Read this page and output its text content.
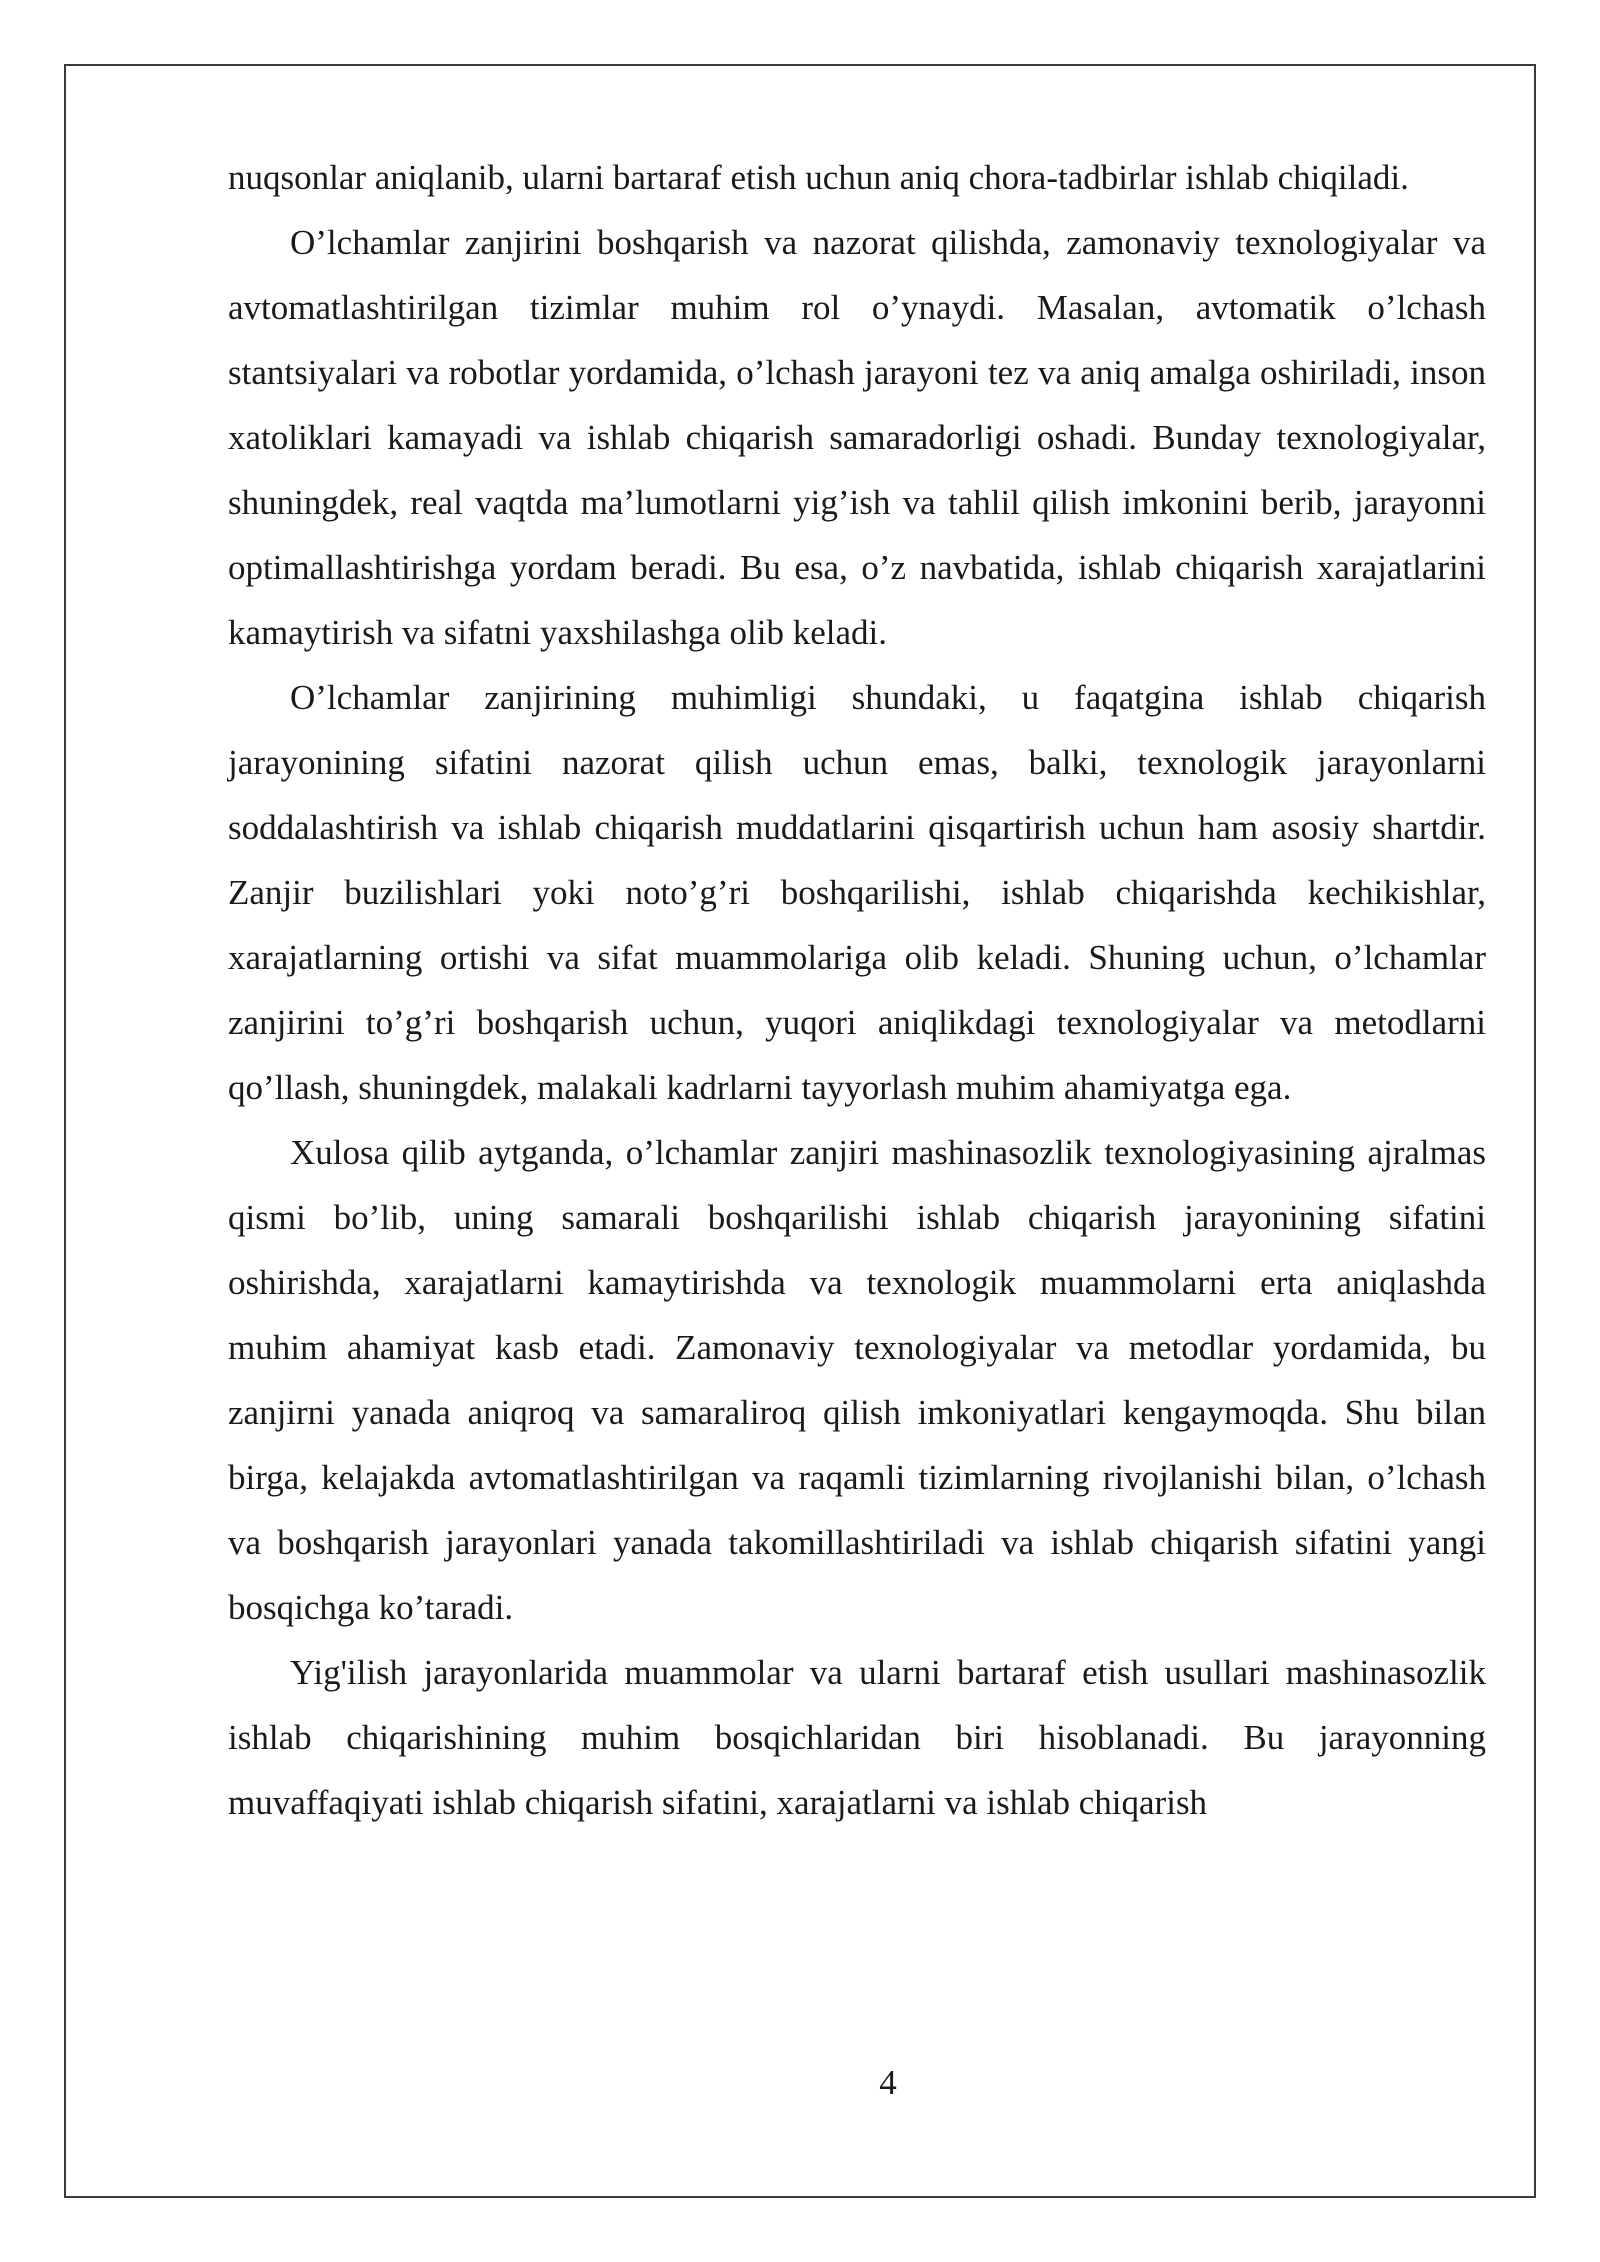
nuqsonlar aniqlanib, ularni bartaraf etish uchun aniq chora-tadbirlar ishlab chiqiladi.

O’lchamlar zanjirini boshqarish va nazorat qilishda, zamonaviy texnologiyalar va avtomatlashtirilgan tizimlar muhim rol o’ynaydi. Masalan, avtomatik o’lchash stantsiyalari va robotlar yordamida, o’lchash jarayoni tez va aniq amalga oshiriladi, inson xatoliklari kamayadi va ishlab chiqarish samaradorligi oshadi. Bunday texnologiyalar, shuningdek, real vaqtda ma’lumotlarni yig’ish va tahlil qilish imkonini berib, jarayonni optimallashtirishga yordam beradi. Bu esa, o’z navbatida, ishlab chiqarish xarajatlarini kamaytirish va sifatni yaxshilashga olib keladi.

O’lchamlar zanjirining muhimligi shundaki, u faqatgina ishlab chiqarish jarayonining sifatini nazorat qilish uchun emas, balki, texnologik jarayonlarni soddalashtirish va ishlab chiqarish muddatlarini qisqartirish uchun ham asosiy shartdir. Zanjir buzilishlari yoki noto’g’ri boshqarilishi, ishlab chiqarishda kechikishlar, xarajatlarning ortishi va sifat muammolariga olib keladi. Shuning uchun, o’lchamlar zanjirini to’g’ri boshqarish uchun, yuqori aniqlikdagi texnologiyalar va metodlarni qo’llash, shuningdek, malakali kadrlarni tayyorlash muhim ahamiyatga ega.

Xulosa qilib aytganda, o’lchamlar zanjiri mashinasozlik texnologiyasining ajralmas qismi bo’lib, uning samarali boshqarilishi ishlab chiqarish jarayonining sifatini oshirishda, xarajatlarni kamaytirishda va texnologik muammolarni erta aniqlashda muhim ahamiyat kasb etadi. Zamonaviy texnologiyalar va metodlar yordamida, bu zanjirni yanada aniqroq va samaraliroq qilish imkoniyatlari kengaymoqda. Shu bilan birga, kelajakda avtomatlashtirilgan va raqamli tizimlarning rivojlanishi bilan, o’lchash va boshqarish jarayonlari yanada takomillashtiriladi va ishlab chiqarish sifatini yangi bosqichga ko’taradi.

Yig'ilish jarayonlarida muammolar va ularni bartaraf etish usullari mashinasozlik ishlab chiqarishining muhim bosqichlaridan biri hisoblanadi. Bu jarayonning muvaffaqiyati ishlab chiqarish sifatini, xarajatlarni va ishlab chiqarish

4
